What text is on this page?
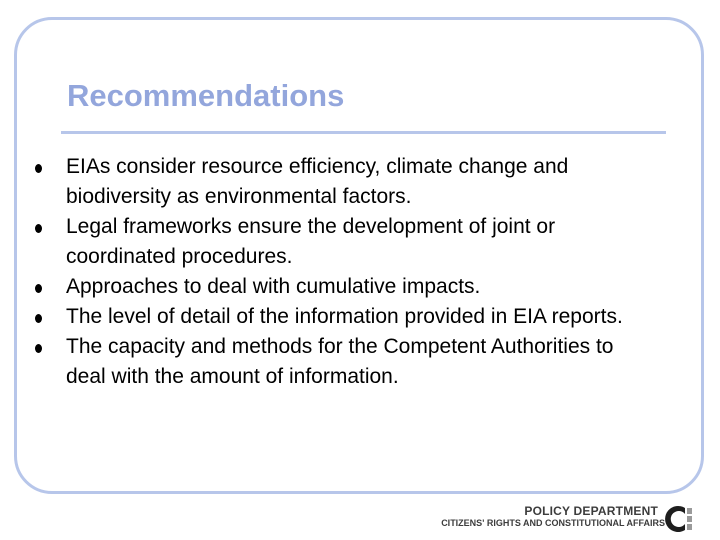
Recommendations
EIAs consider resource efficiency, climate change and
biodiversity as environmental factors.
Legal frameworks ensure the development of joint or
coordinated procedures.
Approaches to deal with cumulative impacts.
The level of detail of the information provided in EIA reports.
The capacity and methods for the Competent Authorities to
deal with the amount of information.
POLICY DEPARTMENT
CITIZENS' RIGHTS AND CONSTITUTIONAL AFFAIRS
